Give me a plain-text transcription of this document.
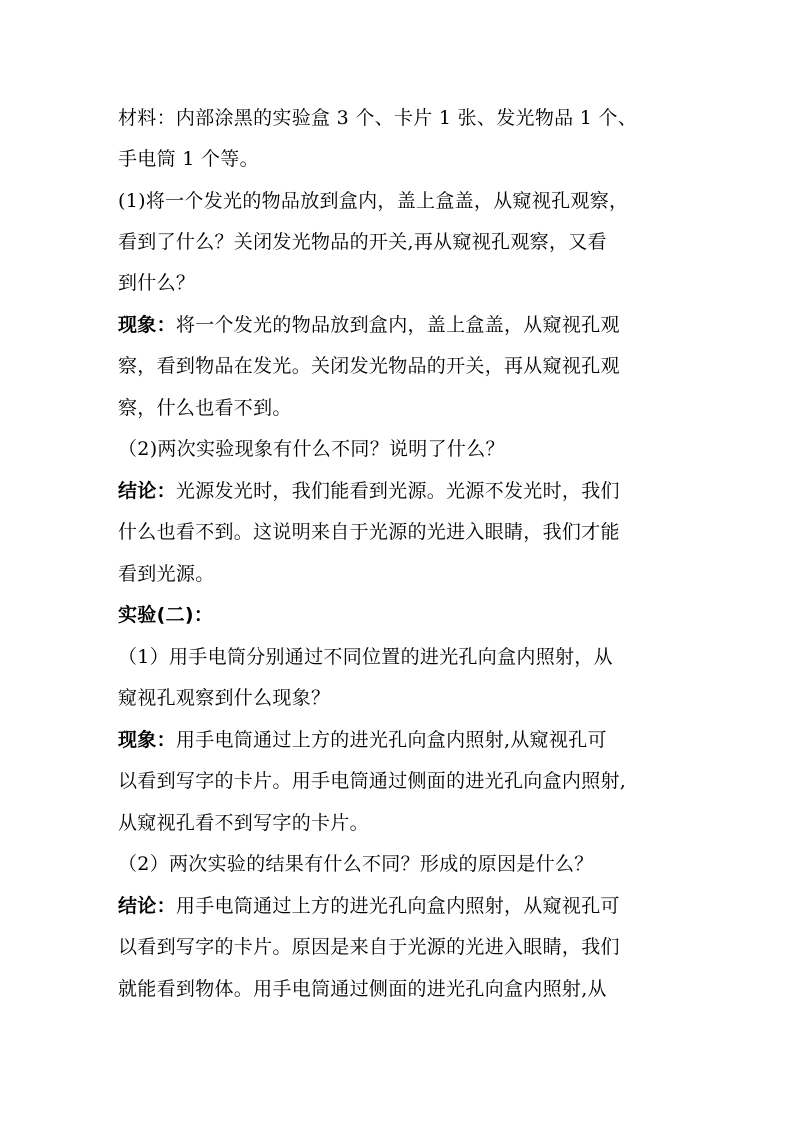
材料：内部涂黑的实验盒 3 个、卡片 1 张、发光物品 1 个、
手电筒 1 个等。
(1)将一个发光的物品放到盒内，盖上盒盖，从窥视孔观察，
看到了什么？关闭发光物品的开关,再从窥视孔观察，又看
到什么？
现象：将一个发光的物品放到盒内，盖上盒盖，从窥视孔观
察，看到物品在发光。关闭发光物品的开关，再从窥视孔观
察，什么也看不到。
（2)两次实验现象有什么不同？说明了什么？
结论：光源发光时，我们能看到光源。光源不发光时，我们
什么也看不到。这说明来自于光源的光进入眼睛，我们才能
看到光源。
实验(二)：
（1）用手电筒分别通过不同位置的进光孔向盒内照射，从
窥视孔观察到什么现象？
现象：用手电筒通过上方的进光孔向盒内照射,从窥视孔可
以看到写字的卡片。用手电筒通过侧面的进光孔向盒内照射,
从窥视孔看不到写字的卡片。
（2）两次实验的结果有什么不同？形成的原因是什么？
结论：用手电筒通过上方的进光孔向盒内照射，从窥视孔可
以看到写字的卡片。原因是来自于光源的光进入眼睛，我们
就能看到物体。用手电筒通过侧面的进光孔向盒内照射,从
